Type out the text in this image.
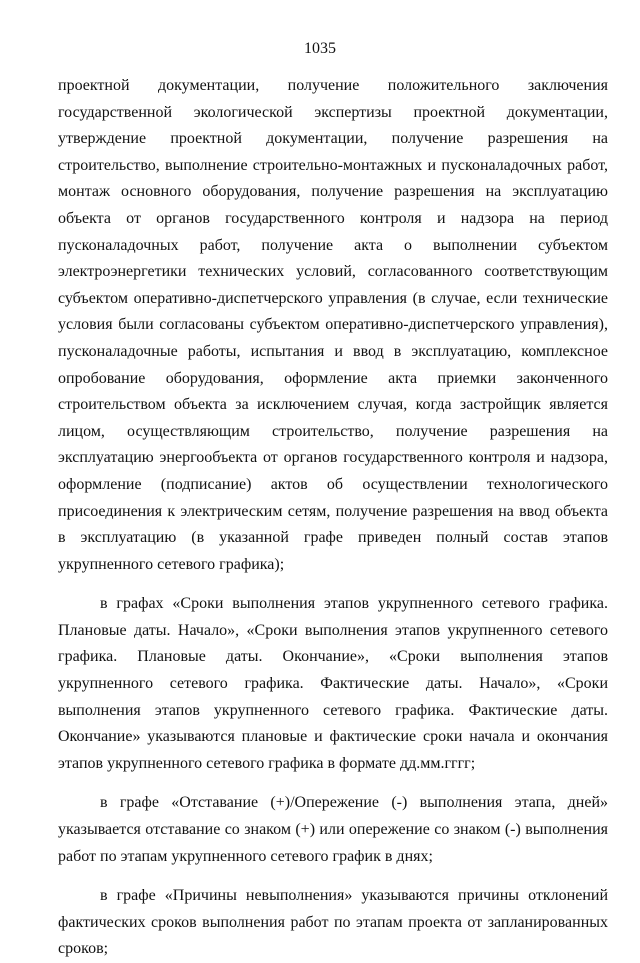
1035

проектной документации, получение положительного заключения государственной экологической экспертизы проектной документации, утверждение проектной документации, получение разрешения на строительство, выполнение строительно-монтажных и пусконаладочных работ, монтаж основного оборудования, получение разрешения на эксплуатацию объекта от органов государственного контроля и надзора на период пусконаладочных работ, получение акта о выполнении субъектом электроэнергетики технических условий, согласованного соответствующим субъектом оперативно-диспетчерского управления (в случае, если технические условия были согласованы субъектом оперативно-диспетчерского управления), пусконаладочные работы, испытания и ввод в эксплуатацию, комплексное опробование оборудования, оформление акта приемки законченного строительством объекта за исключением случая, когда застройщик является лицом, осуществляющим строительство, получение разрешения на эксплуатацию энергообъекта от органов государственного контроля и надзора, оформление (подписание) актов об осуществлении технологического присоединения к электрическим сетям, получение разрешения на ввод объекта в эксплуатацию (в указанной графе приведен полный состав этапов укрупненного сетевого графика);

в графах «Сроки выполнения этапов укрупненного сетевого графика. Плановые даты. Начало», «Сроки выполнения этапов укрупненного сетевого графика. Плановые даты. Окончание», «Сроки выполнения этапов укрупненного сетевого графика. Фактические даты. Начало», «Сроки выполнения этапов укрупненного сетевого графика. Фактические даты. Окончание» указываются плановые и фактические сроки начала и окончания этапов укрупненного сетевого графика в формате дд.мм.гггг;

в графе «Отставание (+)/Опережение (-) выполнения этапа, дней» указывается отставание со знаком (+) или опережение со знаком (-) выполнения работ по этапам укрупненного сетевого график в днях;

в графе «Причины невыполнения» указываются причины отклонений фактических сроков выполнения работ по этапам проекта от запланированных сроков;
